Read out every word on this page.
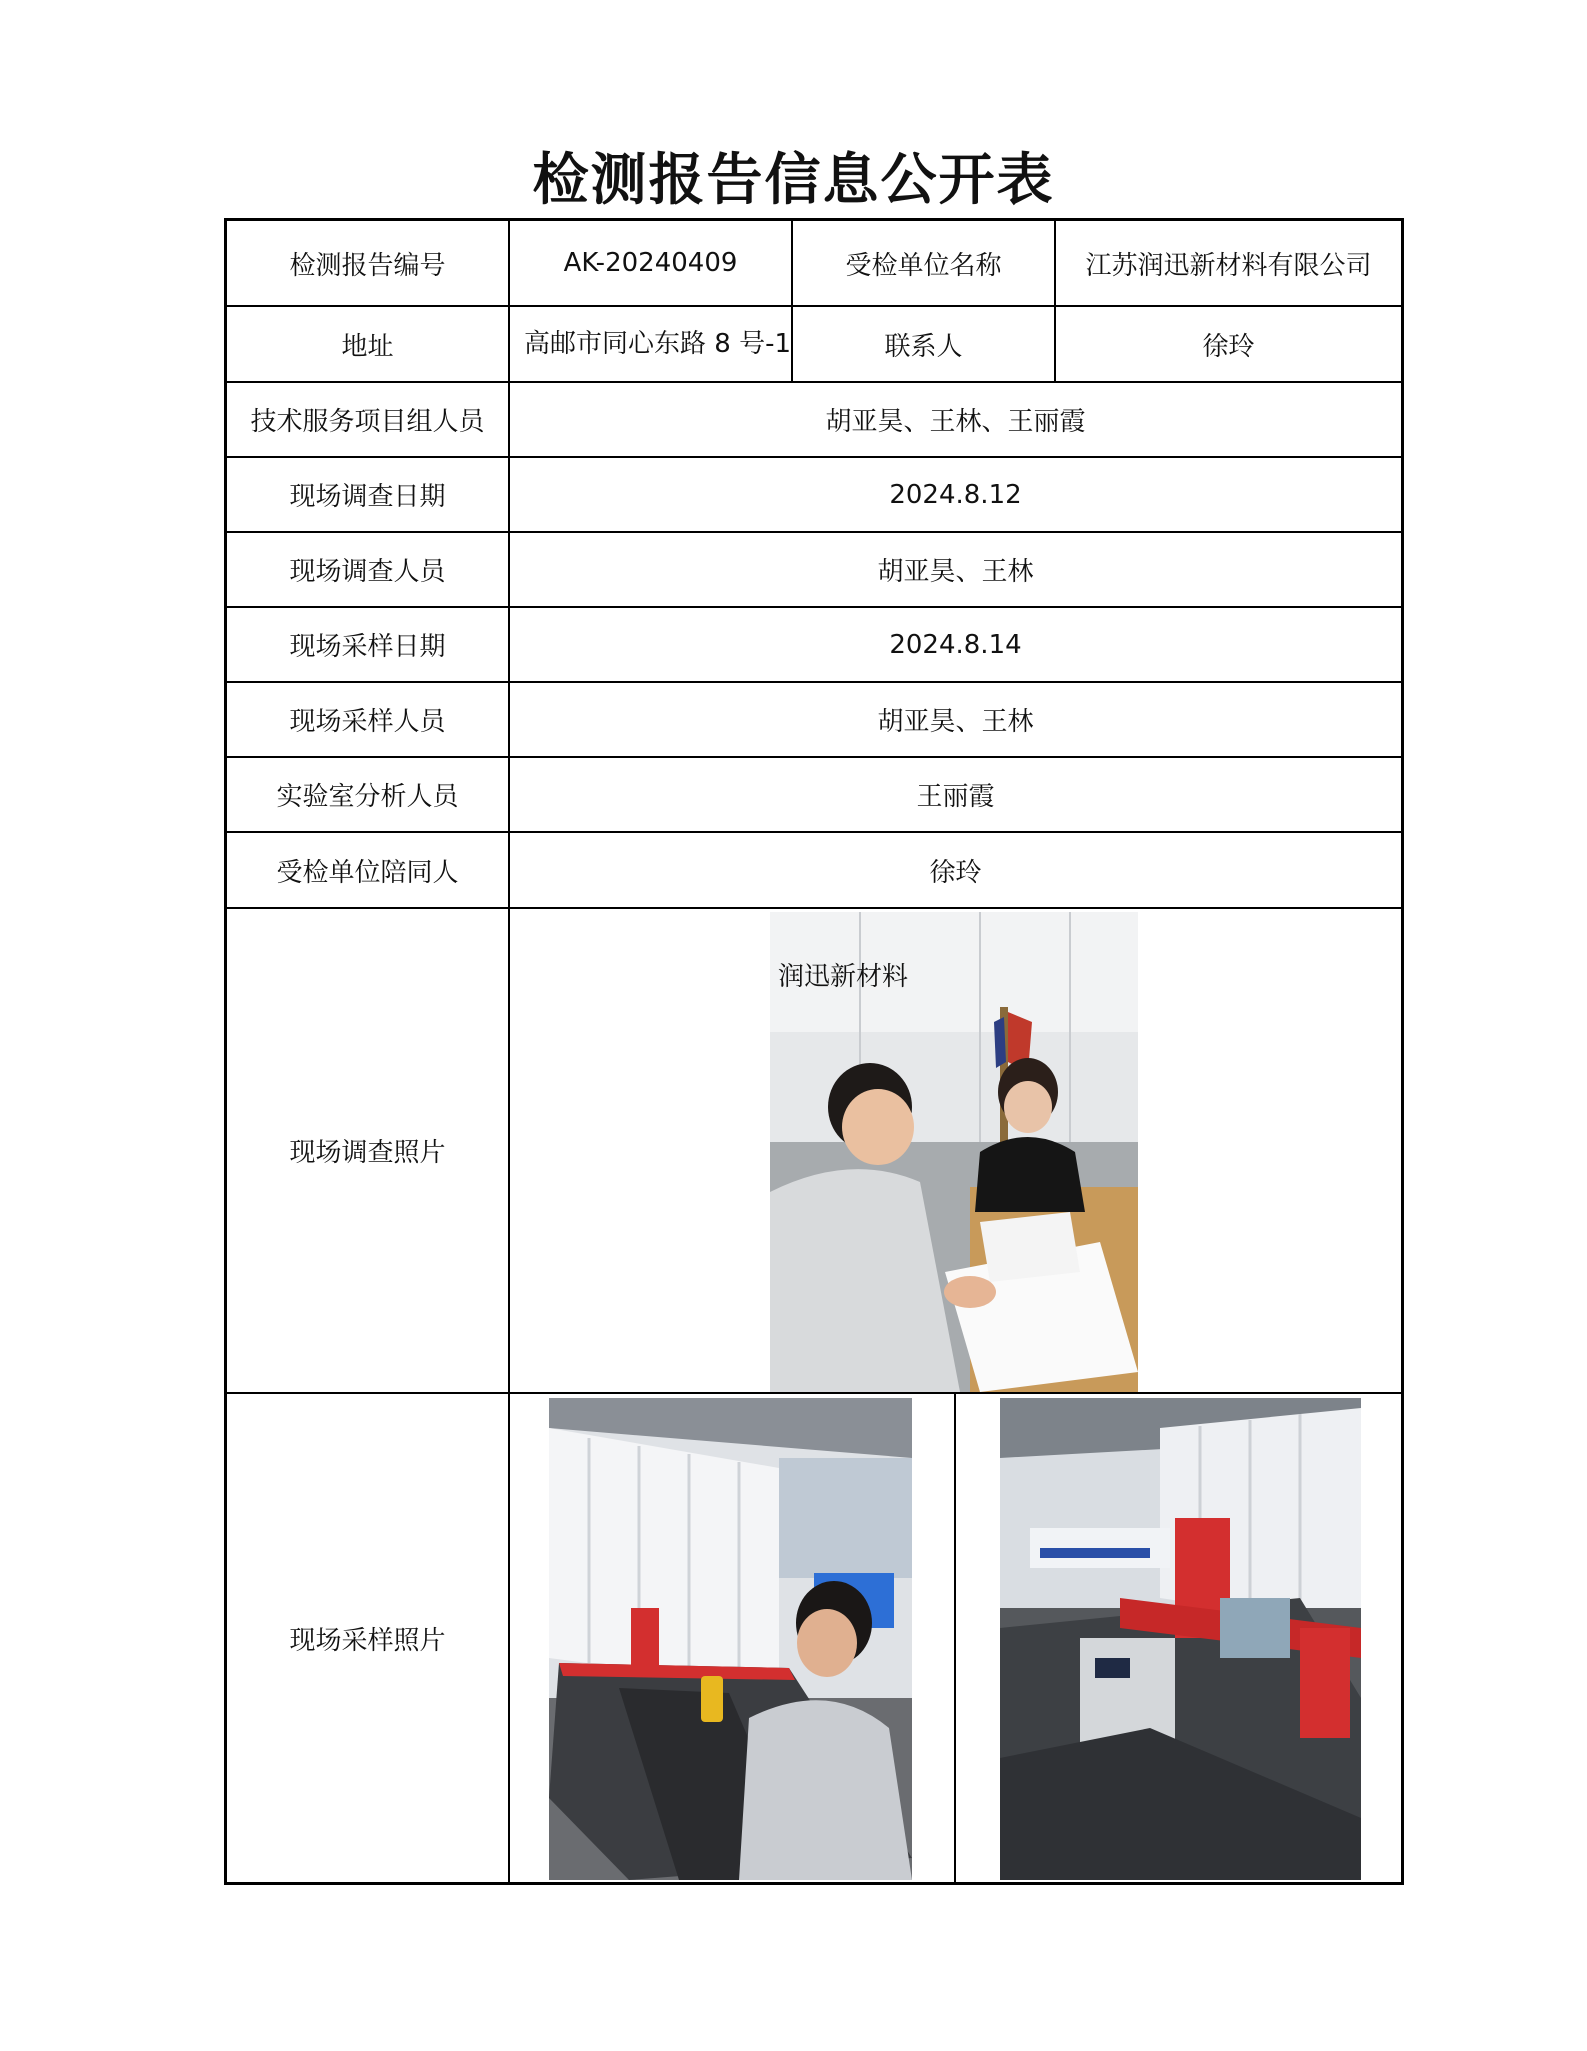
检测报告信息公开表
检测报告编号	AK-20240409	受检单位名称	江苏润迅新材料有限公司
地址	高邮市同心东路 8 号-1	联系人	徐玲
技术服务项目组人员	胡亚昊、王林、王丽霞
现场调查日期	2024.8.12
现场调查人员	胡亚昊、王林
现场采样日期	2024.8.14
现场采样人员	胡亚昊、王林
实验室分析人员	王丽霞
受检单位陪同人	徐玲
现场调查照片
现场采样照片
润迅新材料
